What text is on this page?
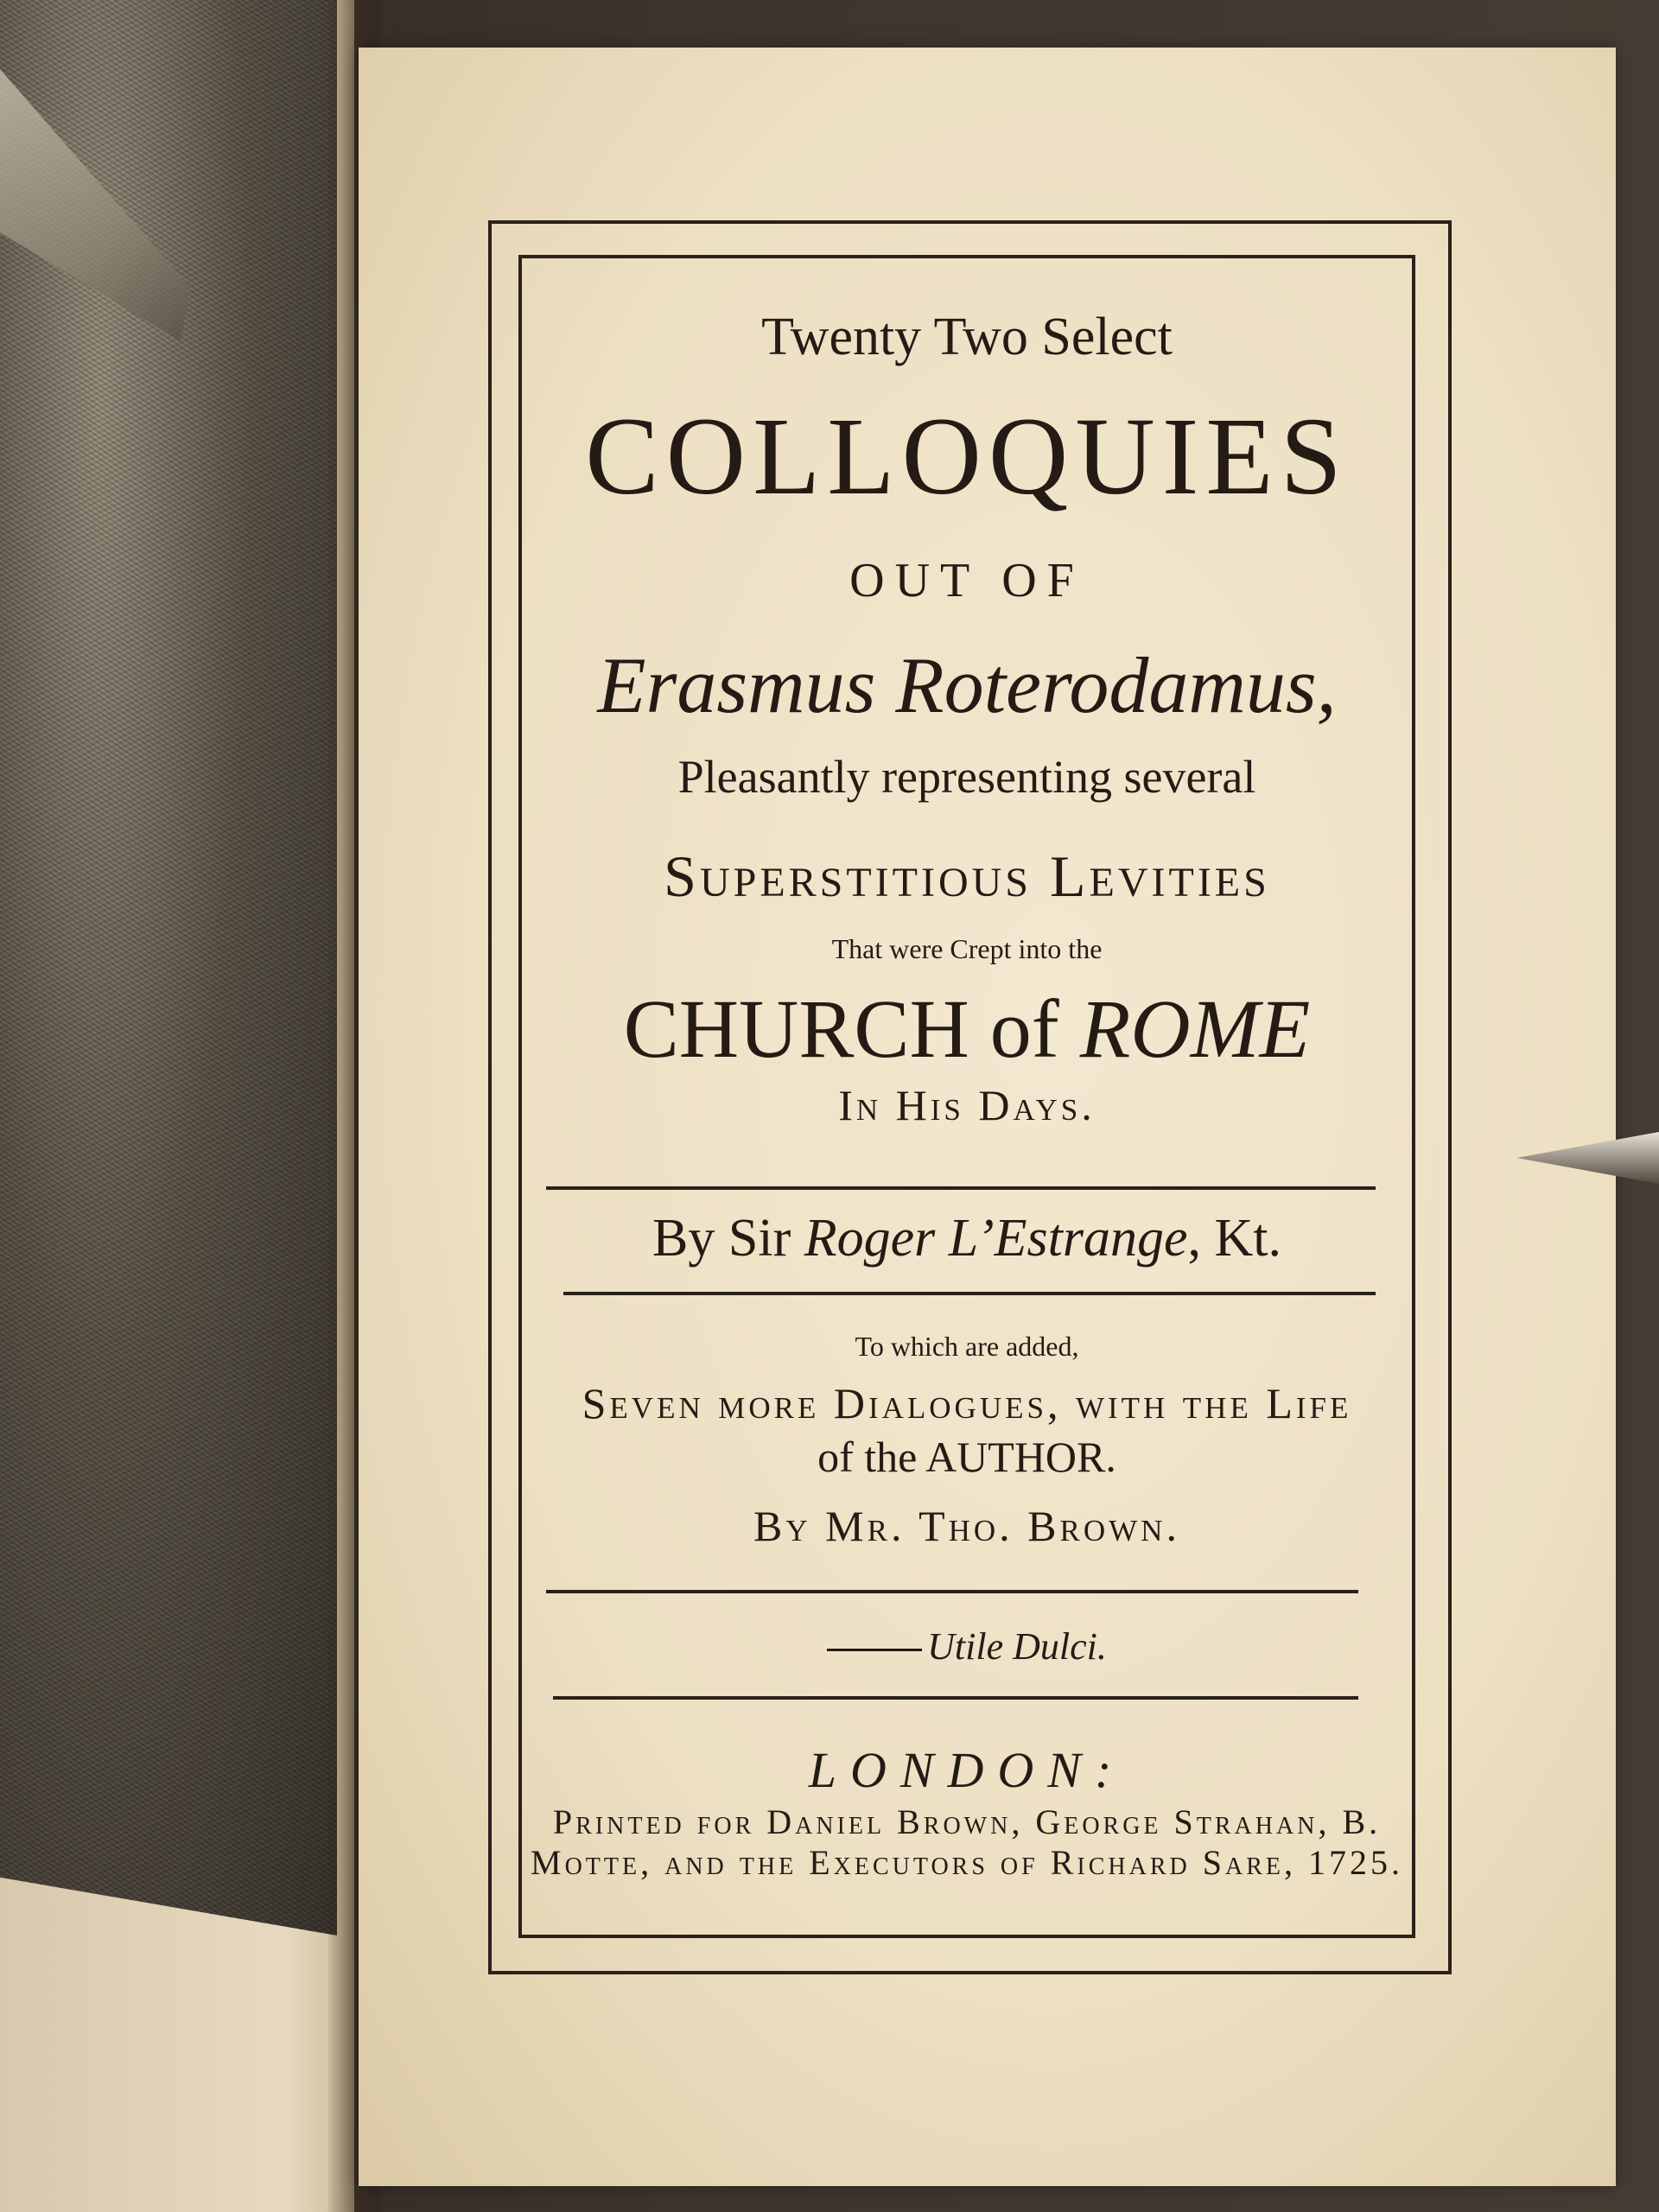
Twenty Two Select
COLLOQUIES
OUT OF
Erasmus Roterodamus,
Pleasantly representing several
Superstitious Levities
That were Crept into the
CHURCH of ROME
In His Days.
By Sir Roger L’Estrange, Kt.
To which are added,
Seven more Dialogues, with the Life
of the AUTHOR.
By Mr. Tho. Brown.
Utile Dulci.
LONDON:
Printed for Daniel Brown, George Strahan, B.
Motte, and the Executors of Richard Sare, 1725.
